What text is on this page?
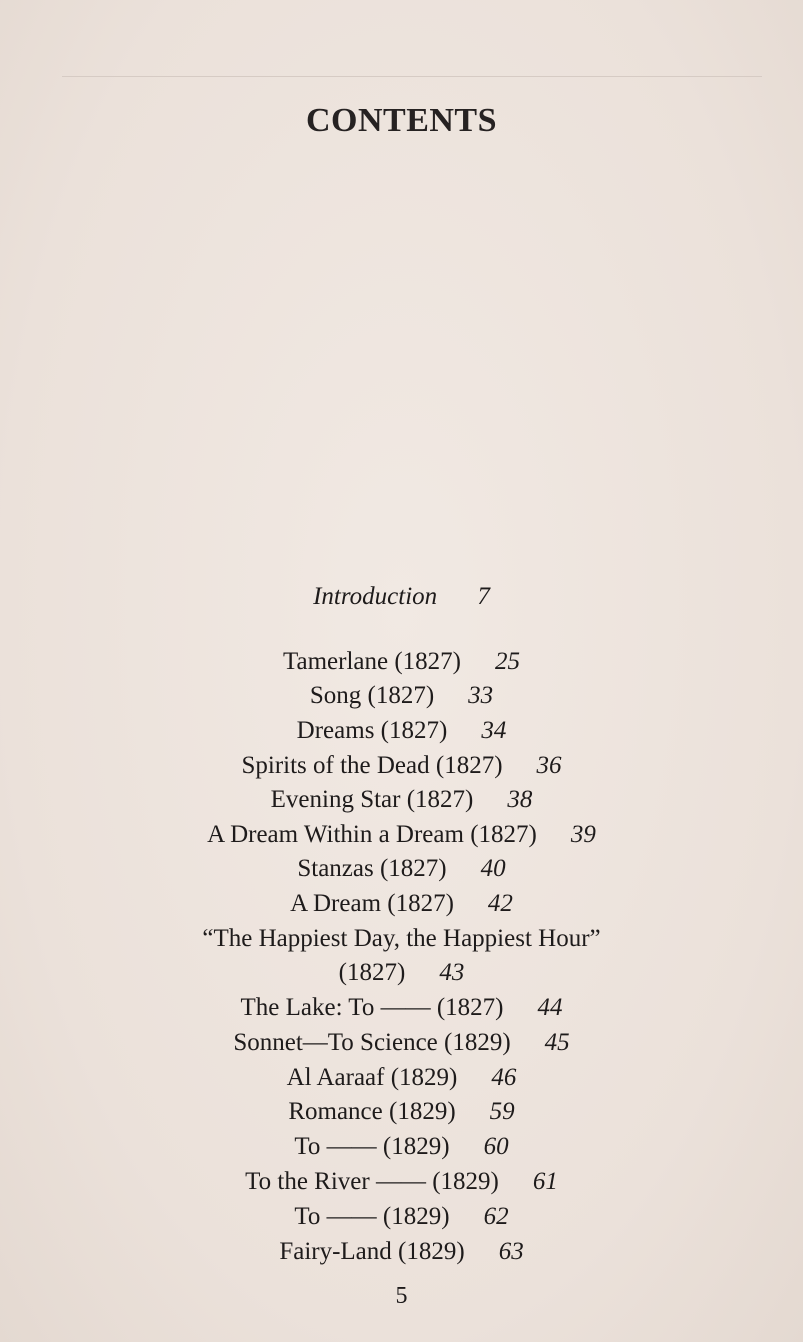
CONTENTS
Introduction 7
Tamerlane (1827) 25
Song (1827) 33
Dreams (1827) 34
Spirits of the Dead (1827) 36
Evening Star (1827) 38
A Dream Within a Dream (1827) 39
Stanzas (1827) 40
A Dream (1827) 42
“The Happiest Day, the Happiest Hour”
(1827) 43
The Lake: To —— (1827) 44
Sonnet—To Science (1829) 45
Al Aaraaf (1829) 46
Romance (1829) 59
To —— (1829) 60
To the River —— (1829) 61
To —— (1829) 62
Fairy-Land (1829) 63
5
